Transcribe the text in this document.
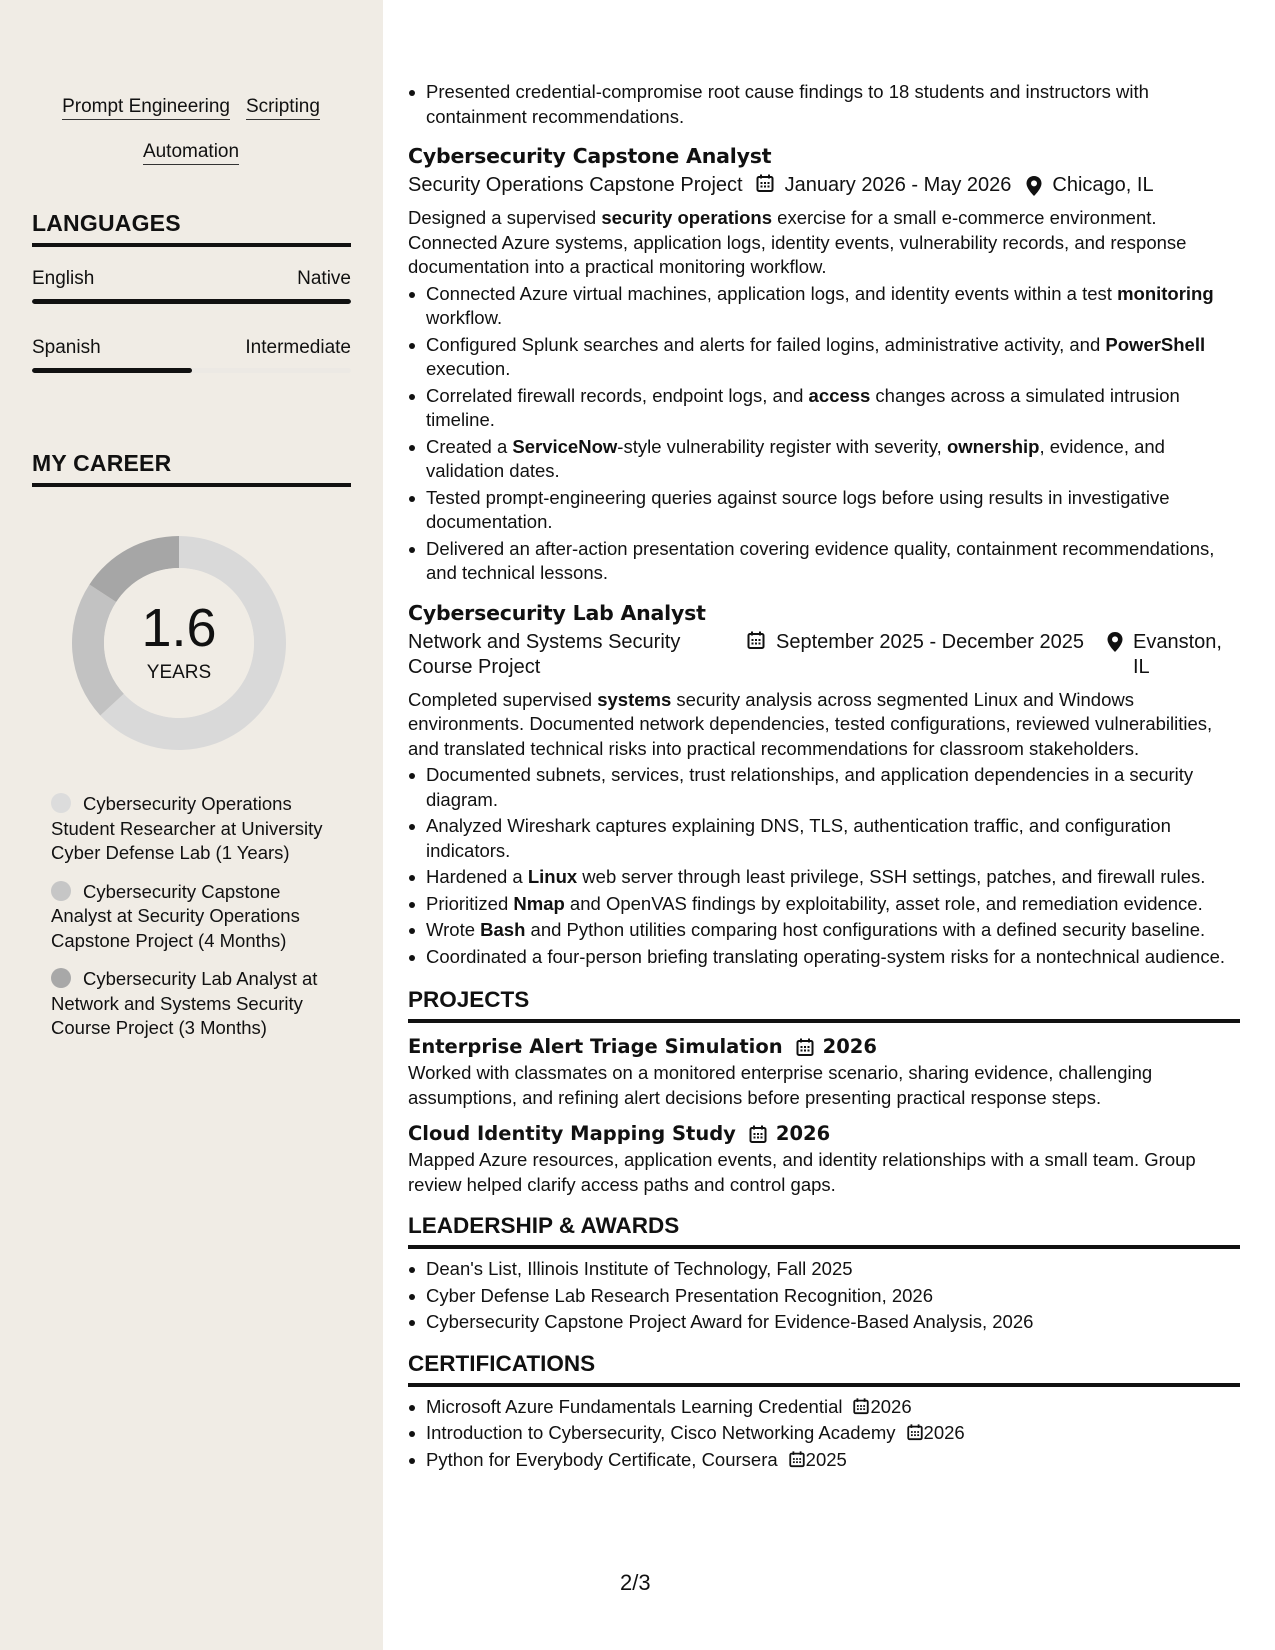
Prompt Engineering Scripting
Automation
LANGUAGES
English	Native
Spanish	Intermediate
MY CAREER
1.6
YEARS
Cybersecurity Operations Student Researcher at University Cyber Defense Lab (1 Years)
Cybersecurity Capstone Analyst at Security Operations Capstone Project (4 Months)
Cybersecurity Lab Analyst at Network and Systems Security Course Project (3 Months)
Presented credential-compromise root cause findings to 18 students and instructors with containment recommendations.
Cybersecurity Capstone Analyst
Security Operations Capstone Project January 2026 - May 2026 Chicago, IL
Designed a supervised security operations exercise for a small e-commerce environment. Connected Azure systems, application logs, identity events, vulnerability records, and response documentation into a practical monitoring workflow.
Connected Azure virtual machines, application logs, and identity events within a test monitoring workflow.
Configured Splunk searches and alerts for failed logins, administrative activity, and PowerShell execution.
Correlated firewall records, endpoint logs, and access changes across a simulated intrusion timeline.
Created a ServiceNow-style vulnerability register with severity, ownership, evidence, and validation dates.
Tested prompt-engineering queries against source logs before using results in investigative documentation.
Delivered an after-action presentation covering evidence quality, containment recommendations, and technical lessons.
Cybersecurity Lab Analyst
Network and Systems Security Course Project
September 2025 - December 2025 Evanston, IL
Completed supervised systems security analysis across segmented Linux and Windows environments. Documented network dependencies, tested configurations, reviewed vulnerabilities, and translated technical risks into practical recommendations for classroom stakeholders.
Documented subnets, services, trust relationships, and application dependencies in a security diagram.
Analyzed Wireshark captures explaining DNS, TLS, authentication traffic, and configuration indicators.
Hardened a Linux web server through least privilege, SSH settings, patches, and firewall rules.
Prioritized Nmap and OpenVAS findings by exploitability, asset role, and remediation evidence.
Wrote Bash and Python utilities comparing host configurations with a defined security baseline.
Coordinated a four-person briefing translating operating-system risks for a nontechnical audience.
PROJECTS
Enterprise Alert Triage Simulation 2026
Worked with classmates on a monitored enterprise scenario, sharing evidence, challenging assumptions, and refining alert decisions before presenting practical response steps.
Cloud Identity Mapping Study 2026
Mapped Azure resources, application events, and identity relationships with a small team. Group review helped clarify access paths and control gaps.
LEADERSHIP & AWARDS
Dean's List, Illinois Institute of Technology, Fall 2025
Cyber Defense Lab Research Presentation Recognition, 2026
Cybersecurity Capstone Project Award for Evidence-Based Analysis, 2026
CERTIFICATIONS
Microsoft Azure Fundamentals Learning Credential 2026
Introduction to Cybersecurity, Cisco Networking Academy 2026
Python for Everybody Certificate, Coursera 2025
2/3
